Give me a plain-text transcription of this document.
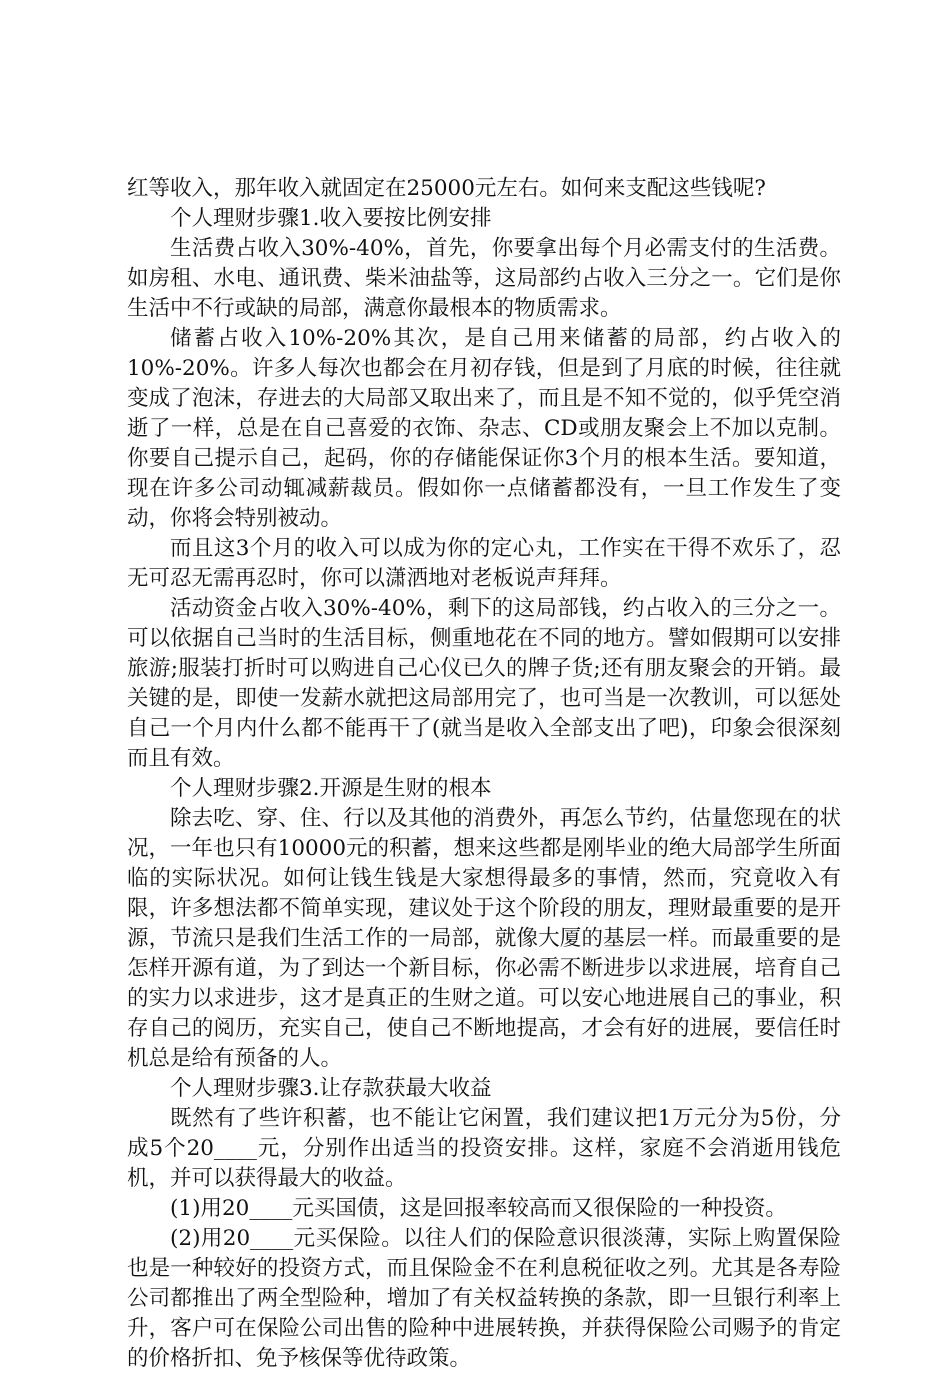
红等收入，那年收入就固定在25000元左右。如何来支配这些钱呢?

个人理财步骤1.收入要按比例安排

生活费占收入30%-40%，首先，你要拿出每个月必需支付的生活费。如房租、水电、通讯费、柴米油盐等，这局部约占收入三分之一。它们是你生活中不行或缺的局部，满意你最根本的物质需求。

储蓄占收入10%-20%其次，是自己用来储蓄的局部，约占收入的10%-20%。许多人每次也都会在月初存钱，但是到了月底的时候，往往就变成了泡沫，存进去的大局部又取出来了，而且是不知不觉的，似乎凭空消逝了一样，总是在自己喜爱的衣饰、杂志、CD或朋友聚会上不加以克制。你要自己提示自己，起码，你的存储能保证你3个月的根本生活。要知道，现在许多公司动辄减薪裁员。假如你一点储蓄都没有，一旦工作发生了变动，你将会特别被动。

而且这3个月的收入可以成为你的定心丸，工作实在干得不欢乐了，忍无可忍无需再忍时，你可以潇洒地对老板说声拜拜。

活动资金占收入30%-40%，剩下的这局部钱，约占收入的三分之一。可以依据自己当时的生活目标，侧重地花在不同的地方。譬如假期可以安排旅游;服装打折时可以购进自己心仪已久的牌子货;还有朋友聚会的开销。最关键的是，即使一发薪水就把这局部用完了，也可当是一次教训，可以惩处自己一个月内什么都不能再干了(就当是收入全部支出了吧)，印象会很深刻而且有效。

个人理财步骤2.开源是生财的根本

除去吃、穿、住、行以及其他的消费外，再怎么节约，估量您现在的状况，一年也只有10000元的积蓄，想来这些都是刚毕业的绝大局部学生所面临的实际状况。如何让钱生钱是大家想得最多的事情，然而，究竟收入有限，许多想法都不简单实现，建议处于这个阶段的朋友，理财最重要的是开源，节流只是我们生活工作的一局部，就像大厦的基层一样。而最重要的是怎样开源有道，为了到达一个新目标，你必需不断进步以求进展，培育自己的实力以求进步，这才是真正的生财之道。可以安心地进展自己的事业，积存自己的阅历，充实自己，使自己不断地提高，才会有好的进展，要信任时机总是给有预备的人。

个人理财步骤3.让存款获最大收益

既然有了些许积蓄，也不能让它闲置，我们建议把1万元分为5份，分成5个20____元，分别作出适当的投资安排。这样，家庭不会消逝用钱危机，并可以获得最大的收益。

(1)用20____元买国债，这是回报率较高而又很保险的一种投资。

(2)用20____元买保险。以往人们的保险意识很淡薄，实际上购置保险也是一种较好的投资方式，而且保险金不在利息税征收之列。尤其是各寿险公司都推出了两全型险种，增加了有关权益转换的条款，即一旦银行利率上升，客户可在保险公司出售的险种中进展转换，并获得保险公司赐予的肯定的价格折扣、免予核保等优待政策。
